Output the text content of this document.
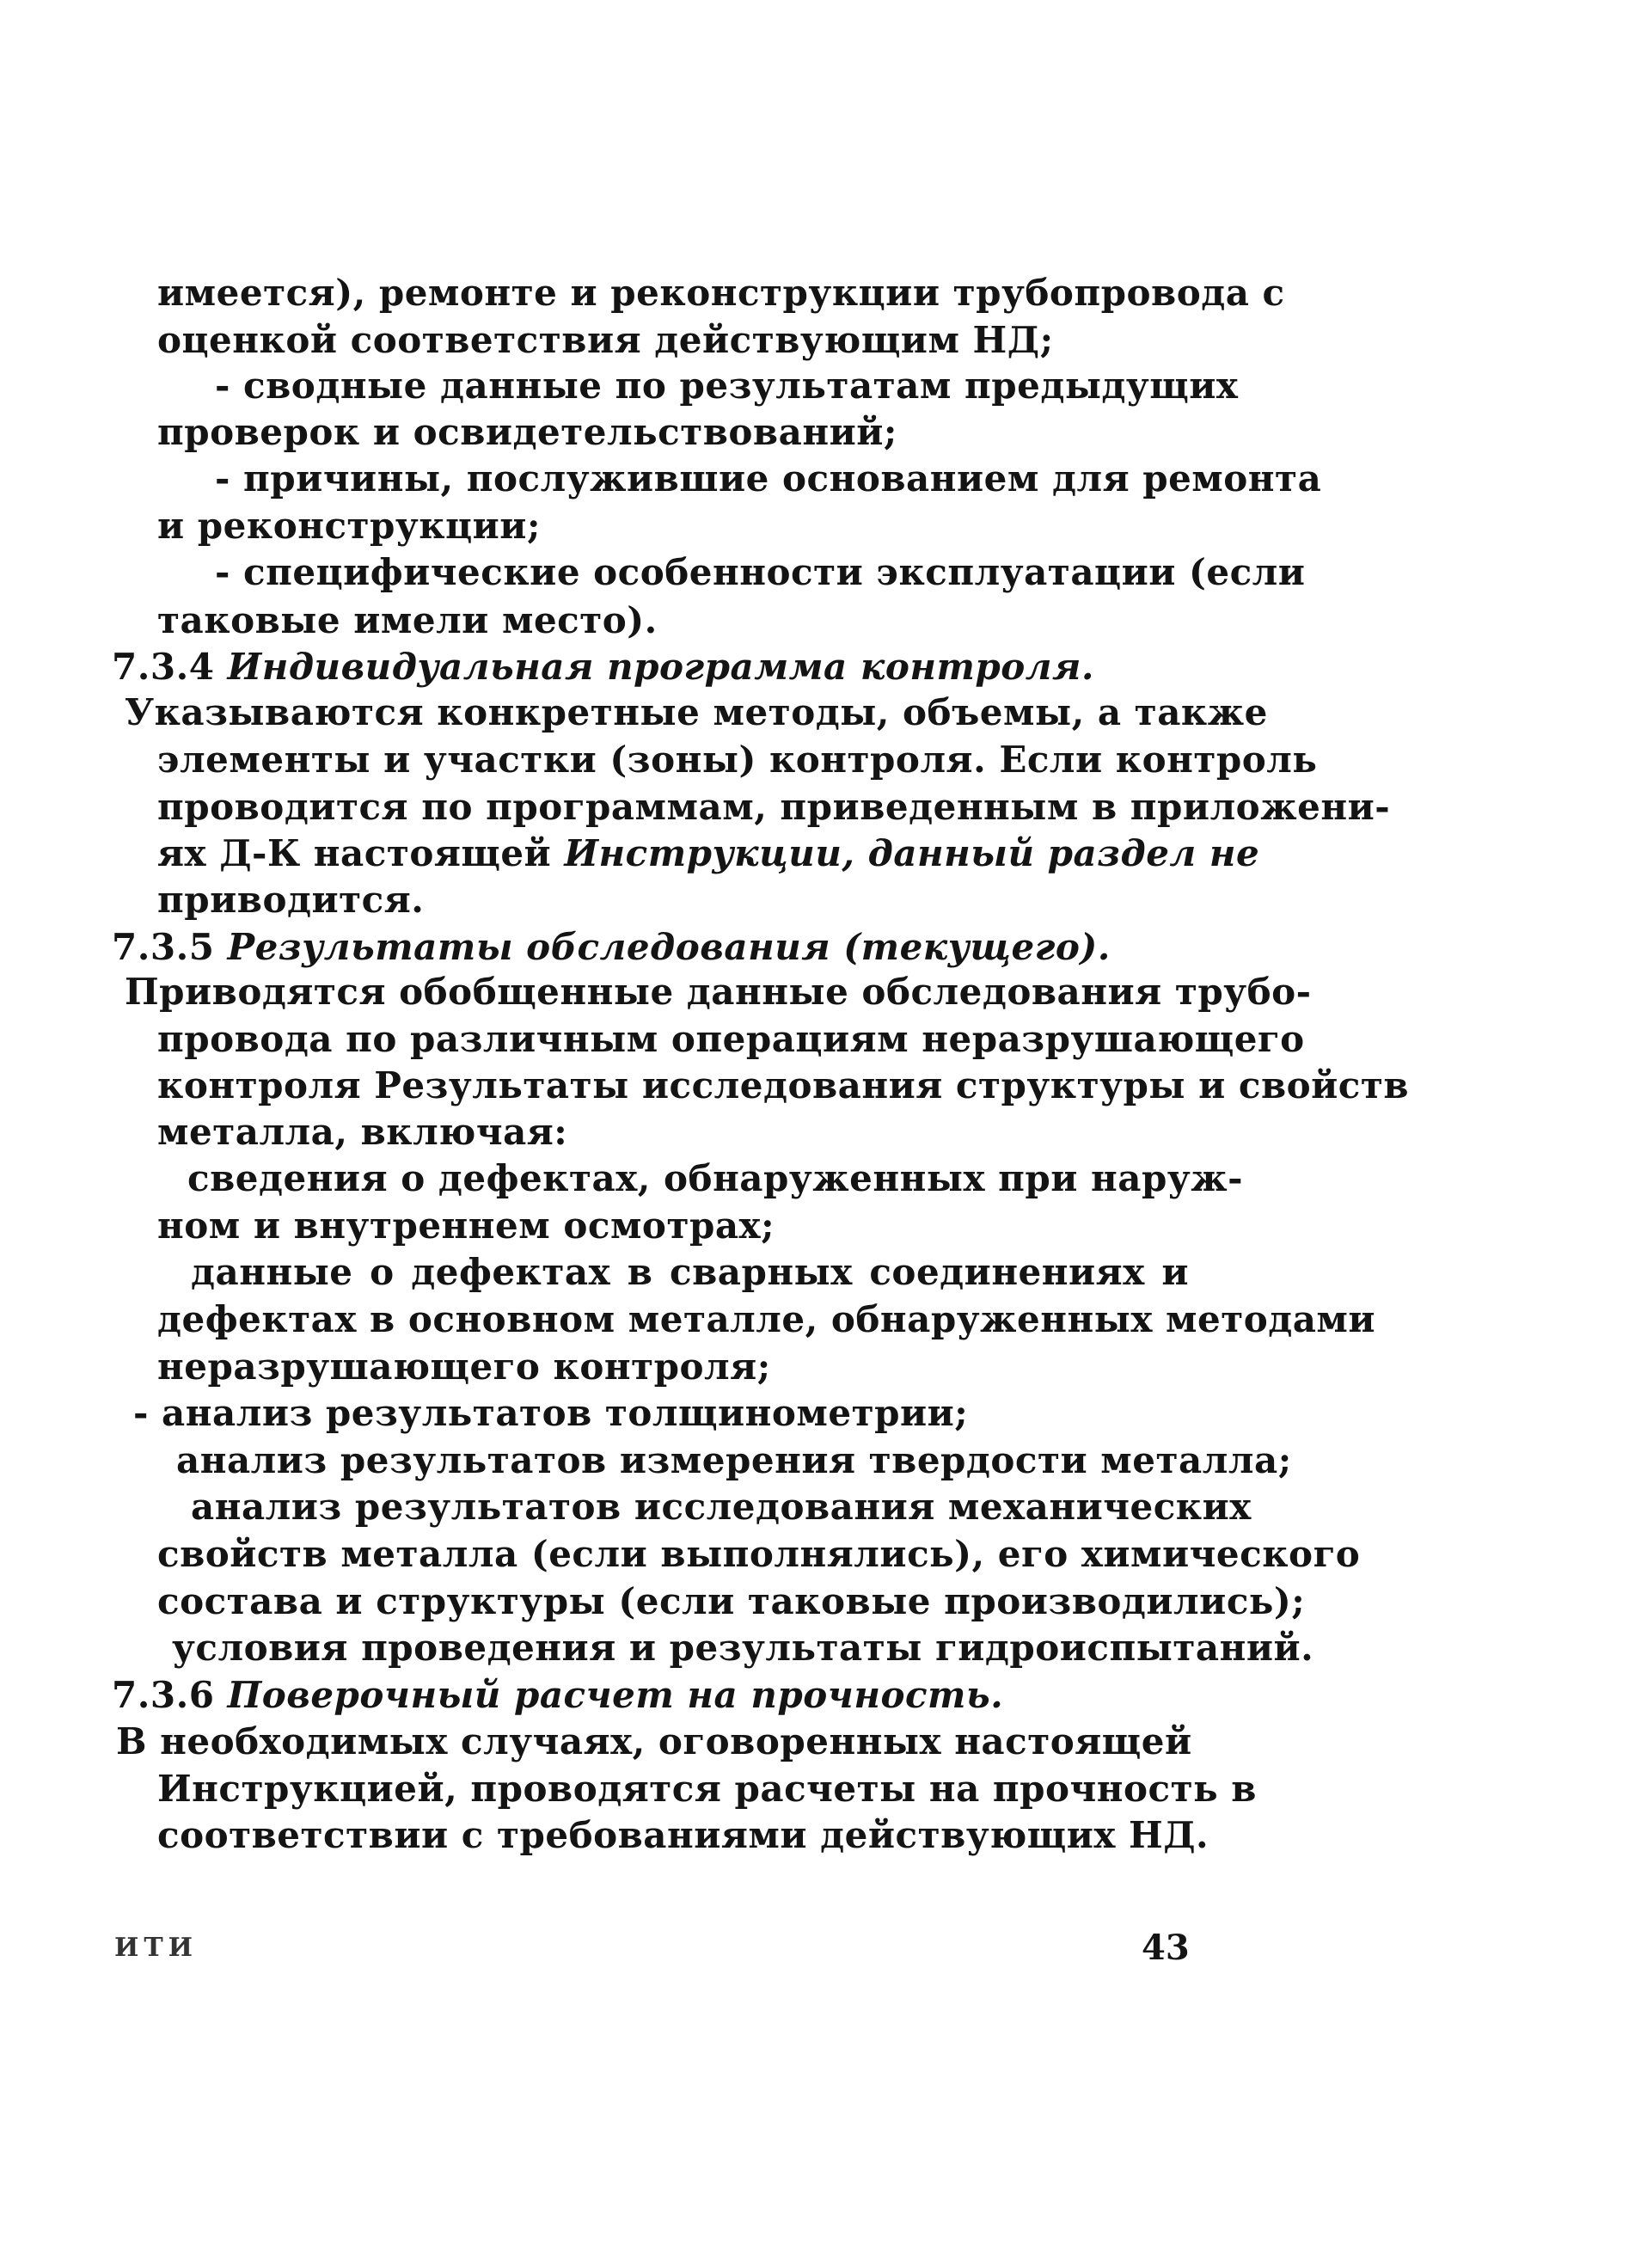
имеется), ремонте и реконструкции трубопровода с
оценкой соответствия действующим НД;
- сводные данные по результатам предыдущих
проверок и освидетельствований;
- причины, послужившие основанием для ремонта
и реконструкции;
- специфические особенности эксплуатации (если
таковые имели место).
7.3.4 Индивидуальная программа контроля.
Указываются конкретные методы, объемы, а также
элементы и участки (зоны) контроля. Если контроль
проводится по программам, приведенным в приложени-
ях Д-К настоящей Инструкции, данный раздел не
приводится.
7.3.5 Результаты обследования (текущего).
Приводятся обобщенные данные обследования трубо-
провода по различным операциям неразрушающего
контроля Результаты исследования структуры и свойств
металла, включая:
сведения о дефектах, обнаруженных при наруж-
ном и внутреннем осмотрах;
данные о дефектах в сварных соединениях и
дефектах в основном металле, обнаруженных методами
неразрушающего контроля;
- анализ результатов толщинометрии;
анализ результатов измерения твердости металла;
анализ результатов исследования механических
свойств металла (если выполнялись), его химического
состава и структуры (если таковые производились);
условия проведения и результаты гидроиспытаний.
7.3.6 Поверочный расчет на прочность.
В необходимых случаях, оговоренных настоящей
Инструкцией, проводятся расчеты на прочность в
соответствии с требованиями действующих НД.
ИТИ	43
